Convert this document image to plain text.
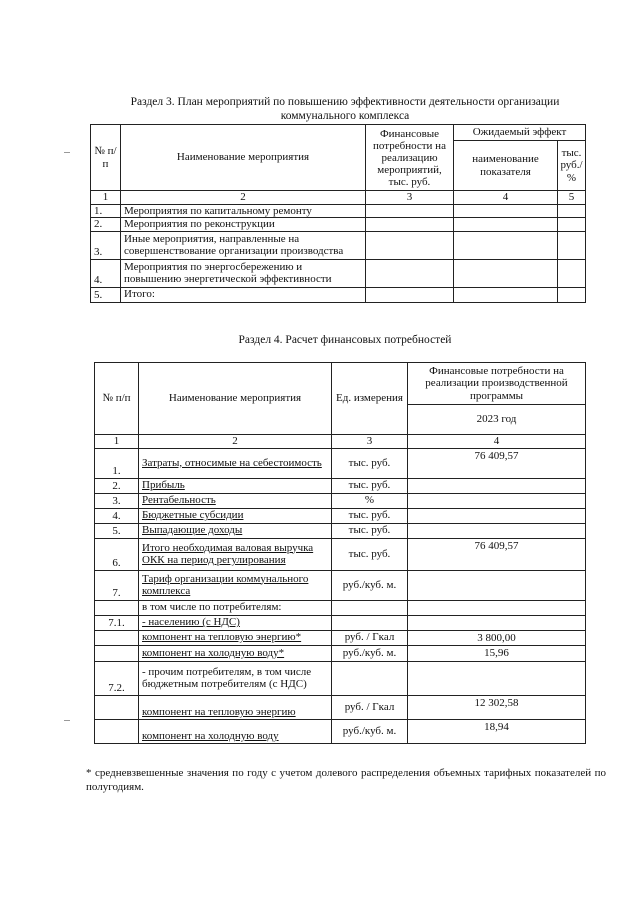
Раздел 3. План мероприятий по повышению эффективности деятельности организации
коммунального комплекса
№ п/п	Наименование мероприятия	Финансовые потребности на реализацию мероприятий, тыс. руб.	Ожидаемый эффект	
			наименование показателя	тыс. руб./ %
1	2	3	4	5
1.	Мероприятия по капитальному ремонту			
2.	Мероприятия по реконструкции			
3.	Иные мероприятия, направленные на совершенствование организации производства			
4.	Мероприятия по энергосбережению и повышению энергетической эффективности			
5.	Итого:			
Раздел 4. Расчет финансовых потребностей
№ п/п	Наименование мероприятия	Ед. измерения	Финансовые потребности на реализации производственной программы
			2023 год
1	2	3	4
1.	Затраты, относимые на себестоимость	тыс. руб.	76 409,57
2.	Прибыль	тыс. руб.	
3.	Рентабельность	%	
4.	Бюджетные субсидии	тыс. руб.	
5.	Выпадающие доходы	тыс. руб.	
6.	Итого необходимая валовая выручка ОКК на период регулирования	тыс. руб.	76 409,57
7.	Тариф организации коммунального комплекса	руб./куб. м.	
	в том числе по потребителям:		
7.1.	- населению (с НДС)		
	компонент на тепловую энергию*	руб. / Гкал	3 800,00
	компонент на холодную воду*	руб./куб. м.	15,96
7.2.	- прочим потребителям, в том числе бюджетным потребителям (с НДС)		
	компонент на тепловую энергию	руб. / Гкал	12 302,58
	компонент на холодную воду	руб./куб. м.	18,94
* средневзвешенные значения по году с учетом долевого распределения объемных тарифных показателей по полугодиям.
